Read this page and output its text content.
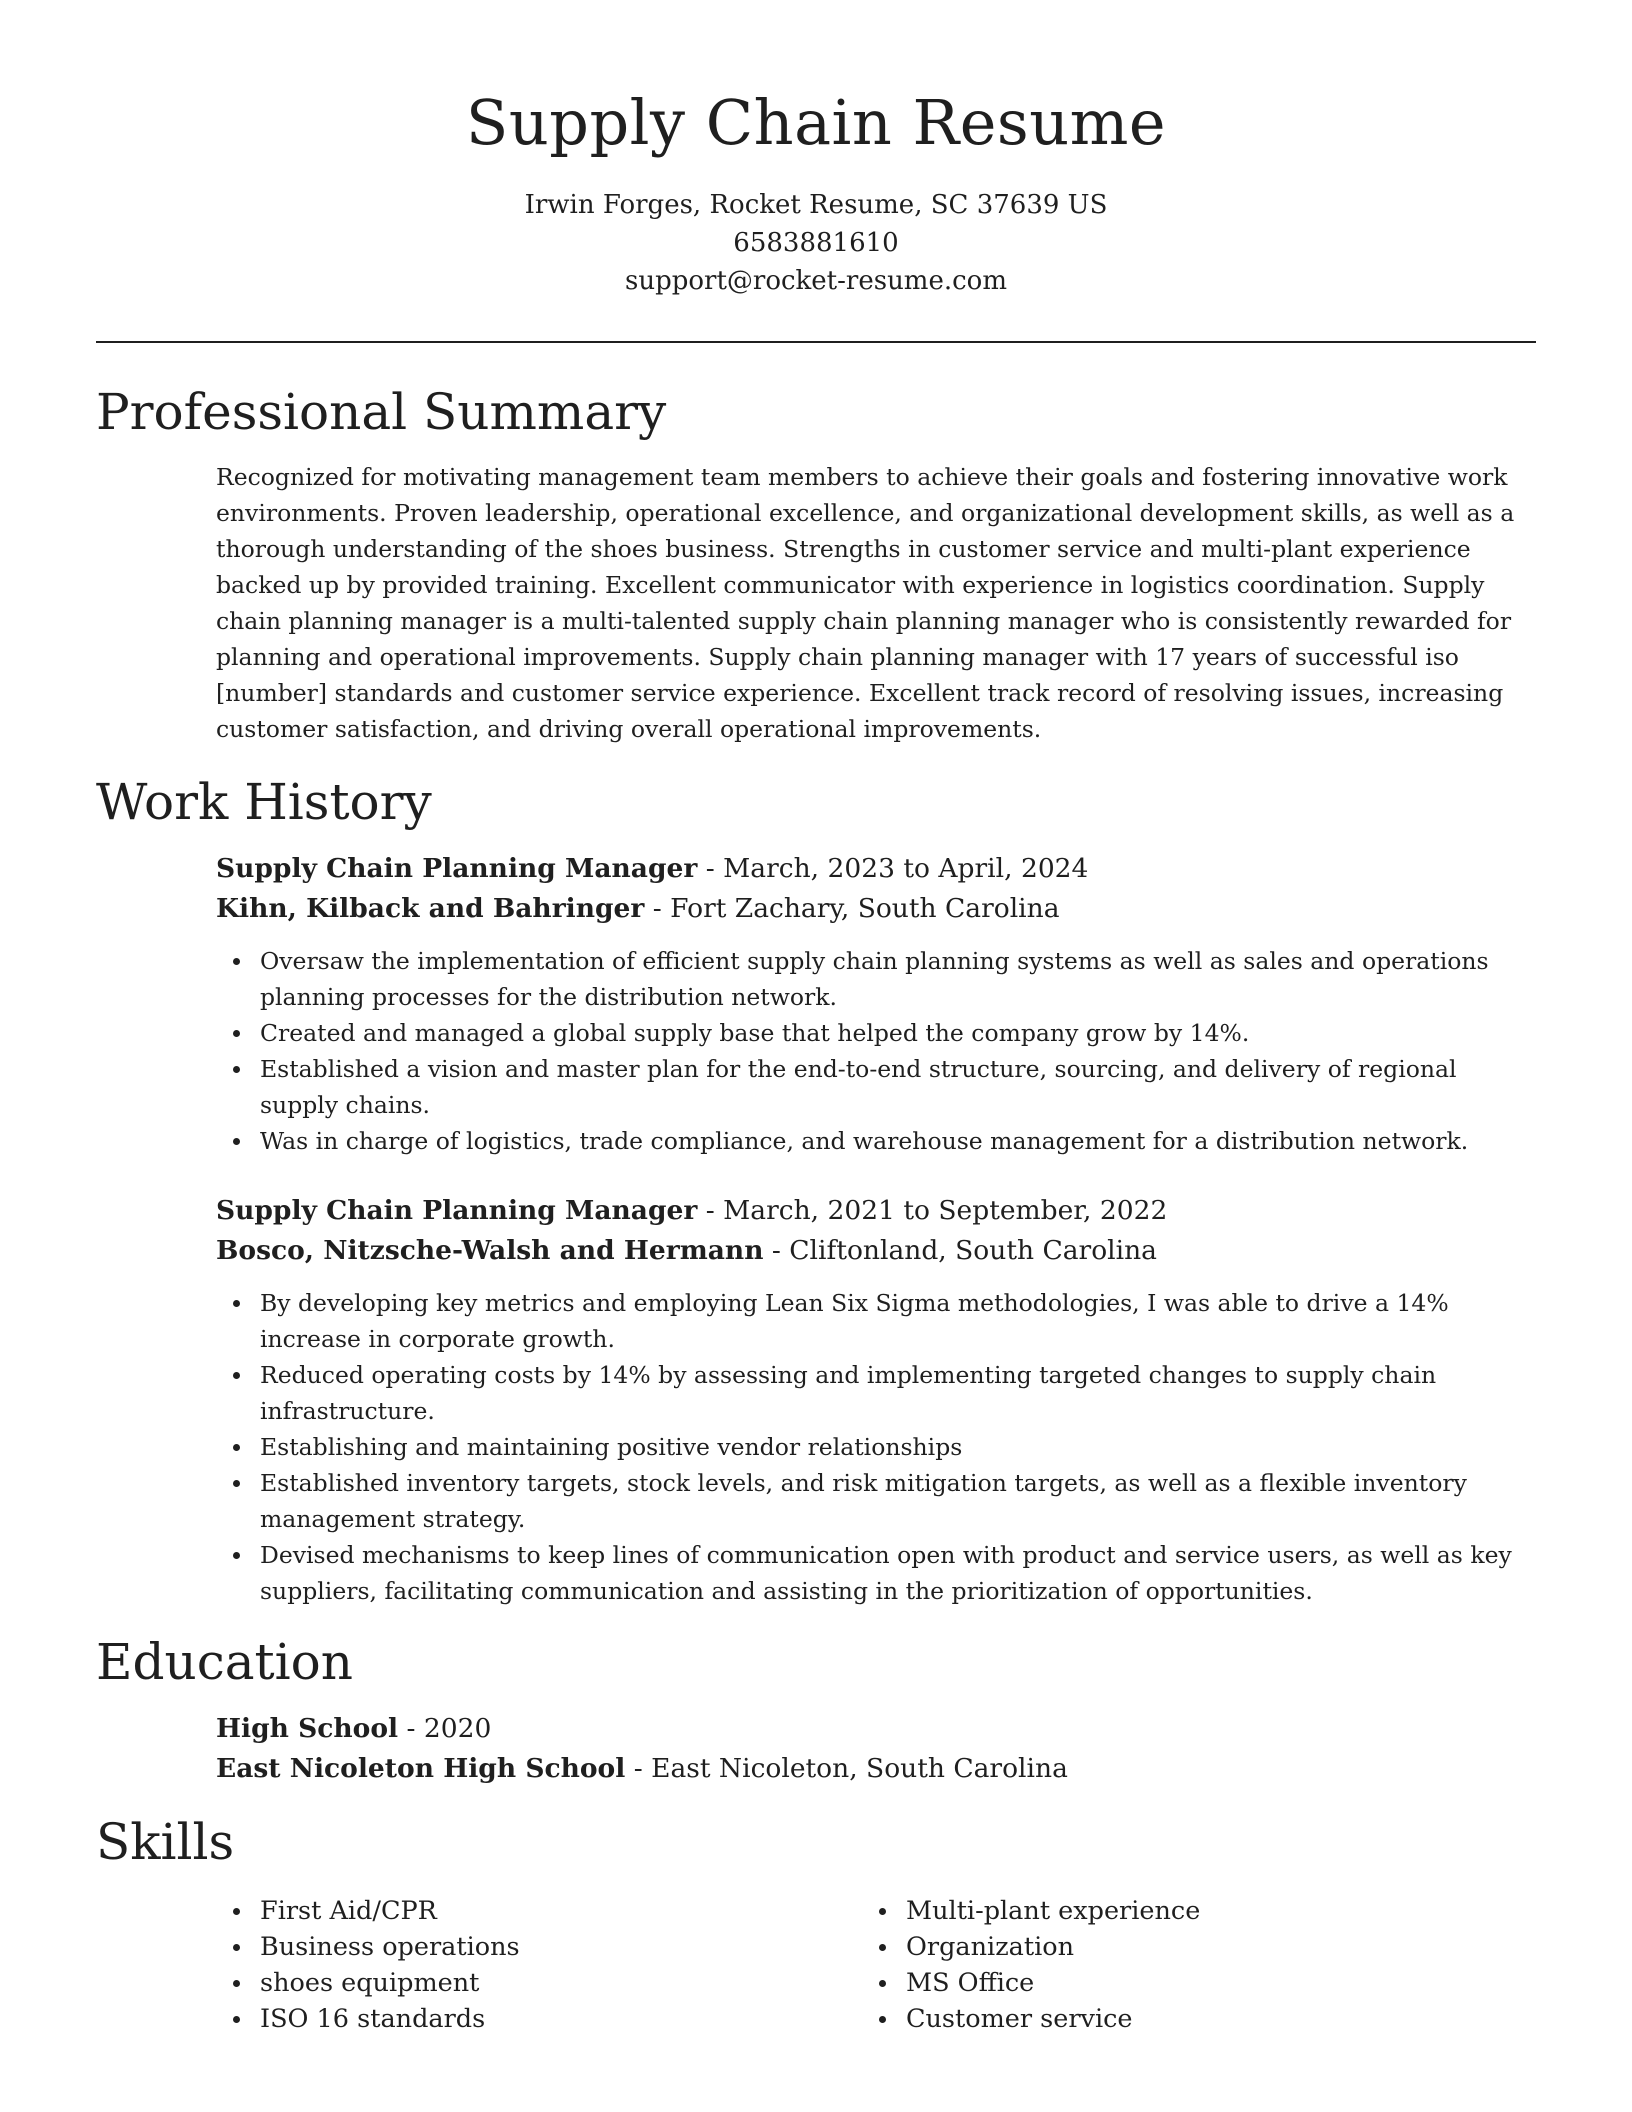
Supply Chain Resume

Irwin Forges, Rocket Resume, SC 37639 US

6583881610

support@rocket-resume.com

Professional Summary

Recognized for motivating management team members to achieve their goals and fostering innovative work environments. Proven leadership, operational excellence, and organizational development skills, as well as a thorough understanding of the shoes business. Strengths in customer service and multi-plant experience backed up by provided training. Excellent communicator with experience in logistics coordination. Supply chain planning manager is a multi-talented supply chain planning manager who is consistently rewarded for planning and operational improvements. Supply chain planning manager with 17 years of successful iso [number] standards and customer service experience. Excellent track record of resolving issues, increasing customer satisfaction, and driving overall operational improvements.

Work History

Supply Chain Planning Manager - March, 2023 to April, 2024

Kihn, Kilback and Bahringer - Fort Zachary, South Carolina

Oversaw the implementation of efficient supply chain planning systems as well as sales and operations planning processes for the distribution network.
Created and managed a global supply base that helped the company grow by 14%.
Established a vision and master plan for the end-to-end structure, sourcing, and delivery of regional supply chains.
Was in charge of logistics, trade compliance, and warehouse management for a distribution network.

Supply Chain Planning Manager - March, 2021 to September, 2022

Bosco, Nitzsche-Walsh and Hermann - Cliftonland, South Carolina

By developing key metrics and employing Lean Six Sigma methodologies, I was able to drive a 14% increase in corporate growth.
Reduced operating costs by 14% by assessing and implementing targeted changes to supply chain infrastructure.
Establishing and maintaining positive vendor relationships
Established inventory targets, stock levels, and risk mitigation targets, as well as a flexible inventory management strategy.
Devised mechanisms to keep lines of communication open with product and service users, as well as key suppliers, facilitating communication and assisting in the prioritization of opportunities.
Education

High School - 2020

East Nicoleton High School - East Nicoleton, South Carolina

Skills
First Aid/CPR
Business operations
shoes equipment
ISO 16 standards
Multi-plant experience
Organization
MS Office
Customer service
